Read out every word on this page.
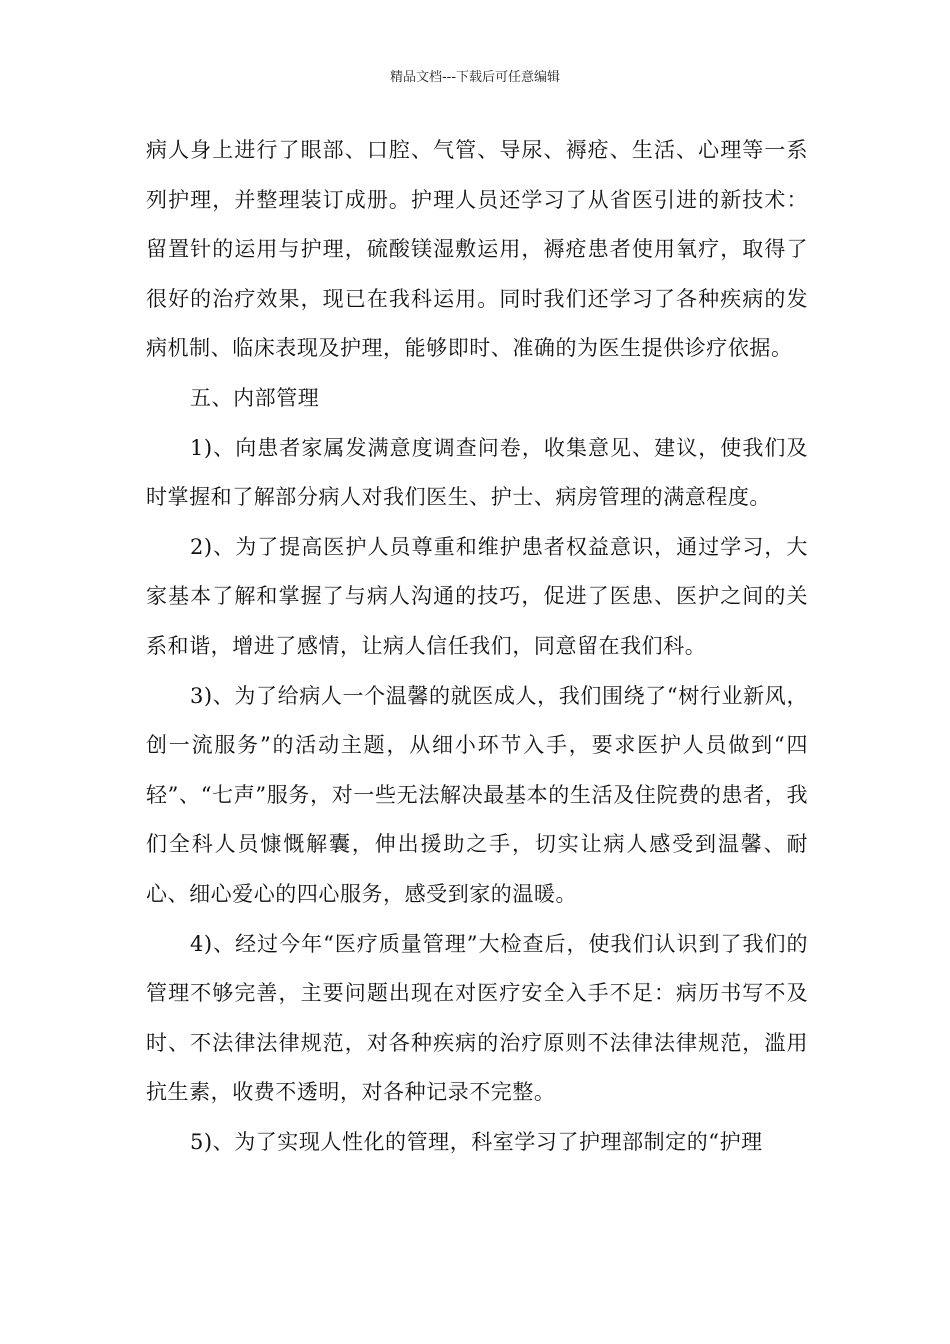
精品文档---下载后可任意编辑

病人身上进行了眼部、口腔、气管、导尿、褥疮、生活、心理等一系列护理，并整理装订成册。护理人员还学习了从省医引进的新技术：留置针的运用与护理，硫酸镁湿敷运用，褥疮患者使用氧疗，取得了很好的治疗效果，现已在我科运用。同时我们还学习了各种疾病的发病机制、临床表现及护理，能够即时、准确的为医生提供诊疗依据。

五、内部管理

1)、向患者家属发满意度调查问卷，收集意见、建议，使我们及时掌握和了解部分病人对我们医生、护士、病房管理的满意程度。

2)、为了提高医护人员尊重和维护患者权益意识，通过学习，大家基本了解和掌握了与病人沟通的技巧，促进了医患、医护之间的关系和谐，增进了感情，让病人信任我们，同意留在我们科。

3)、为了给病人一个温馨的就医成人，我们围绕了“树行业新风，创一流服务”的活动主题，从细小环节入手，要求医护人员做到“四轻”、“七声”服务，对一些无法解决最基本的生活及住院费的患者，我们全科人员慷慨解囊，伸出援助之手，切实让病人感受到温馨、耐心、细心爱心的四心服务，感受到家的温暖。

4)、经过今年“医疗质量管理”大检查后，使我们认识到了我们的管理不够完善，主要问题出现在对医疗安全入手不足：病历书写不及时、不法律法律规范，对各种疾病的治疗原则不法律法律规范，滥用抗生素，收费不透明，对各种记录不完整。

5)、为了实现人性化的管理，科室学习了护理部制定的“护理
